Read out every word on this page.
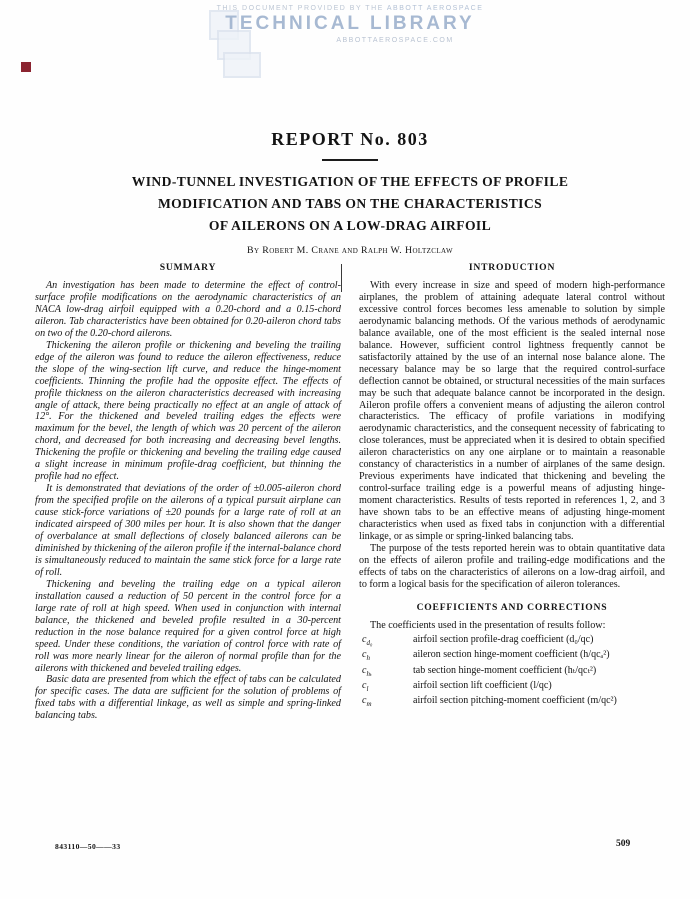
THIS DOCUMENT PROVIDED BY THE ABBOTT AEROSPACE
TECHNICAL LIBRARY
ABBOTTAEROSPACE.COM
REPORT No. 803
WIND-TUNNEL INVESTIGATION OF THE EFFECTS OF PROFILE
MODIFICATION AND TABS ON THE CHARACTERISTICS
OF AILERONS ON A LOW-DRAG AIRFOIL
By Robert M. Crane and Ralph W. Holtzclaw
SUMMARY

An investigation has been made to determine the effect of control-surface profile modifications on the aerodynamic characteristics of an NACA low-drag airfoil equipped with a 0.20-chord and a 0.15-chord aileron. Tab characteristics have been obtained for 0.20-aileron chord tabs on two of the 0.20-chord ailerons.

Thickening the aileron profile or thickening and beveling the trailing edge of the aileron was found to reduce the aileron effectiveness, reduce the slope of the wing-section lift curve, and reduce the hinge-moment coefficients. Thinning the profile had the opposite effect. The effects of profile thickness on the aileron characteristics decreased with increasing angle of attack, there being practically no effect at an angle of attack of 12°. For the thickened and beveled trailing edges the effects were maximum for the bevel, the length of which was 20 percent of the aileron chord, and decreased for both increasing and decreasing bevel lengths. Thickening the profile or thickening and beveling the trailing edge caused a slight increase in minimum profile-drag coefficient, but thinning the profile had no effect.

It is demonstrated that deviations of the order of ±0.005-aileron chord from the specified profile on the ailerons of a typical pursuit airplane can cause stick-force variations of ±20 pounds for a large rate of roll at an indicated airspeed of 300 miles per hour. It is also shown that the danger of overbalance at small deflections of closely balanced ailerons can be diminished by thickening of the aileron profile if the internal-balance chord is simultaneously reduced to maintain the same stick force for a large rate of roll.

Thickening and beveling the trailing edge on a typical aileron installation caused a reduction of 50 percent in the control force for a large rate of roll at high speed. When used in conjunction with internal balance, the thickened and beveled profile resulted in a 30-percent reduction in the nose balance required for a given control force at high speed. Under these conditions, the variation of control force with rate of roll was more nearly linear for the aileron of normal profile than for the ailerons with thickened and beveled trailing edges.

Basic data are presented from which the effect of tabs can be calculated for specific cases. The data are sufficient for the solution of problems of fixed tabs with a differential linkage, as well as simple and spring-linked balancing tabs.

INTRODUCTION

With every increase in size and speed of modern high-performance airplanes, the problem of attaining adequate lateral control without excessive control forces becomes less amenable to solution by simple aerodynamic balancing methods. Of the various methods of aerodynamic balance available, one of the most efficient is the sealed internal nose balance. However, sufficient control lightness frequently cannot be satisfactorily attained by the use of an internal nose balance alone. The necessary balance may be so large that the required control-surface deflection cannot be obtained, or structural necessities of the main surfaces may be such that adequate balance cannot be incorporated in the design. Aileron profile offers a convenient means of adjusting the aileron control characteristics. The efficacy of profile variations in modifying aerodynamic characteristics, and the consequent necessity of fabricating to close tolerances, must be appreciated when it is desired to obtain specified aileron characteristics on any one airplane or to maintain a reasonable constancy of characteristics in a number of airplanes of the same design. Previous experiments have indicated that thickening and beveling the control-surface trailing edge is a powerful means of adjusting hinge-moment characteristics. Results of tests reported in references 1, 2, and 3 have shown tabs to be an effective means of adjusting hinge-moment characteristics when used as fixed tabs in conjunction with a differential linkage, or as simple or spring-linked balancing tabs.

The purpose of the tests reported herein was to obtain quantitative data on the effects of aileron profile and trailing-edge modifications and the effects of tabs on the characteristics of ailerons on a low-drag airfoil, and to form a logical basis for the specification of aileron tolerances.

COEFFICIENTS AND CORRECTIONS

The coefficients used in the presentation of results follow:

$c_{d_0}$	airfoil section profile-drag coefficient (d₀/qc)
$c_h$	aileron section hinge-moment coefficient (h/qcₐ²)
$c_{h_t}$	tab section hinge-moment coefficient (hₜ/qcₜ²)
$c_l$	airfoil section lift coefficient (l/qc)
$c_m$	airfoil section pitching-moment coefficient (m/qc²)
843110—50——33	509
